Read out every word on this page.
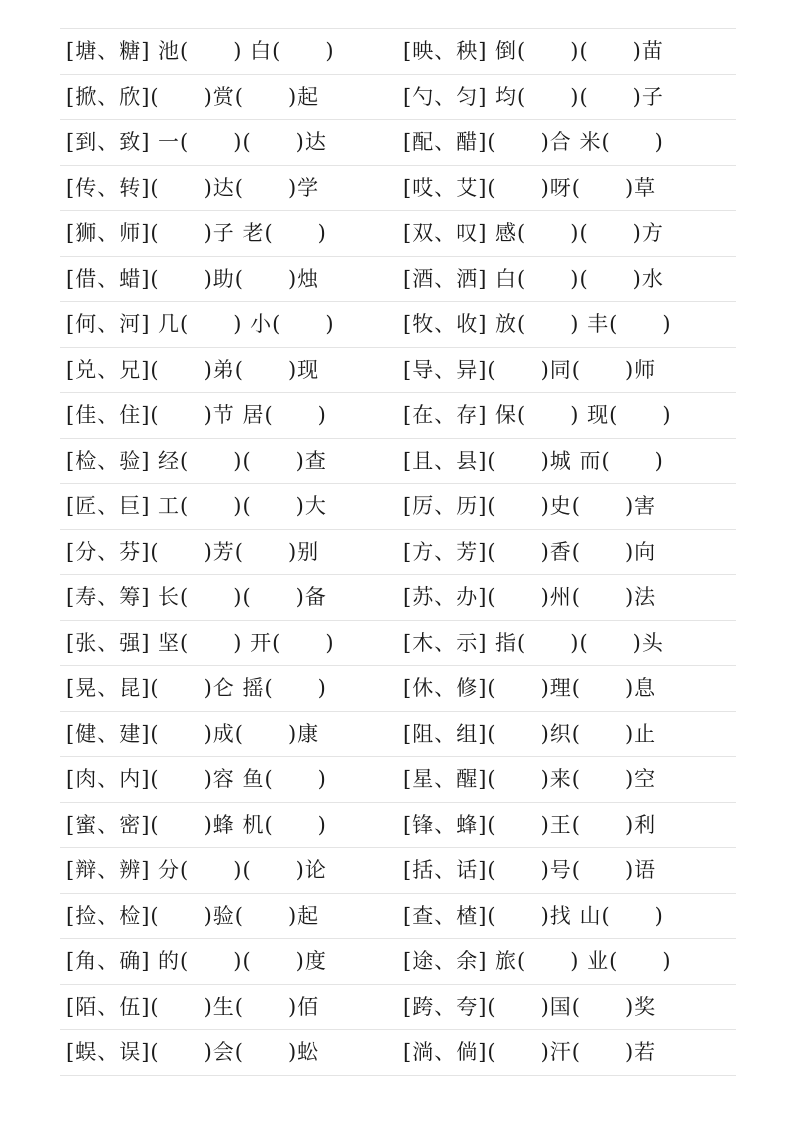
[塘、糖] 池(　　) 白(　　)	[映、秧] 倒(　　)(　　)苗
[掀、欣](　　)赏(　　)起	[勺、匀] 均(　　)(　　)子
[到、致] 一(　　)(　　)达	[配、醋](　　)合 米(　　)
[传、转](　　)达(　　)学	[哎、艾](　　)呀(　　)草
[狮、师](　　)子 老(　　)	[双、叹] 感(　　)(　　)方
[借、蜡](　　)助(　　)烛	[酒、洒] 白(　　)(　　)水
[何、河] 几(　　) 小(　　)	[牧、收] 放(　　) 丰(　　)
[兑、兄](　　)弟(　　)现	[导、异](　　)同(　　)师
[佳、住](　　)节 居(　　)	[在、存] 保(　　) 现(　　)
[检、验] 经(　　)(　　)查	[且、县](　　)城 而(　　)
[匠、巨] 工(　　)(　　)大	[厉、历](　　)史(　　)害
[分、芬](　　)芳(　　)别	[方、芳](　　)香(　　)向
[寿、筹] 长(　　)(　　)备	[苏、办](　　)州(　　)法
[张、强] 坚(　　) 开(　　)	[木、示] 指(　　)(　　)头
[晃、昆](　　)仑 摇(　　)	[休、修](　　)理(　　)息
[健、建](　　)成(　　)康	[阻、组](　　)织(　　)止
[肉、内](　　)容 鱼(　　)	[星、醒](　　)来(　　)空
[蜜、密](　　)蜂 机(　　)	[锋、蜂](　　)王(　　)利
[辩、辨] 分(　　)(　　)论	[括、话](　　)号(　　)语
[捡、检](　　)验(　　)起	[查、楂](　　)找 山(　　)
[角、确] 的(　　)(　　)度	[途、余] 旅(　　) 业(　　)
[陌、伍](　　)生(　　)佰	[跨、夸](　　)国(　　)奖
[蜈、误](　　)会(　　)蚣	[淌、倘](　　)汗(　　)若
